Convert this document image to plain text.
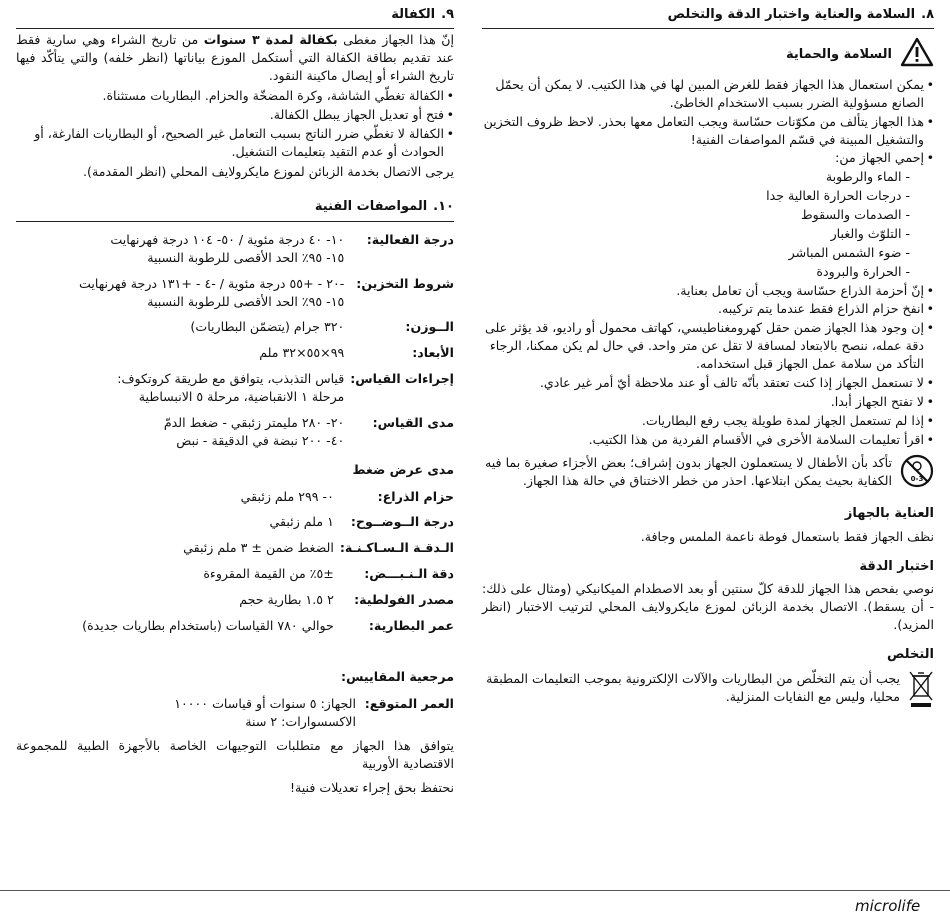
٨.
السلامة والعناية واختبار الدقة والتخلص
السلامة والحماية
• يمكن استعمال هذا الجهاز فقط للغرض المبين لها في هذا الكتيب. لا يمكن أن يحمّل الصانع مسؤولية الضرر بسبب الاستخدام الخاطئ.
• هذا الجهاز يتألف من مكوّنات حسّاسة ويجب التعامل معها بحذر. لاحظ ظروف التخزين والتشغيل المبينة في قسّم المواصفات الفنية!
• إحمي الجهاز من:
- الماء والرطوبة
- درجات الحرارة العالية جدا
- الصدمات والسقوط
- التلوّث والغبار
- ضوء الشمس المباشر
- الحرارة والبرودة
• إنّ أحزمة الذراع حسّاسة ويجب أن تعامل بعناية.
• انفخ حزام الذراع فقط عندما يتم تركيبه.
• إن وجود هذا الجهاز ضمن حقل كهرومغناطيسي، كهاتف محمول أو راديو، قد يؤثر على دقة عمله، ننصح بالابتعاد لمسافة لا تقل عن متر واحد. في حال لم يكن ممكنا، الرجاء التأكد من سلامة عمل الجهاز قبل استخدامه.
• لا تستعمل الجهاز إذا كنت تعتقد بأنّه تالف أو عند ملاحظة أيّ أمر غير عادي.
• لا تفتح الجهاز أبدا.
• إذا لم تستعمل الجهاز لمدة طويلة يجب رفع البطاريات.
• اقرأ تعليمات السلامة الأخرى في الأقسام الفردية من هذا الكتيب.
0-3
تأكد بأن الأطفال لا يستعملون الجهاز بدون إشراف؛ بعض الأجزاء صغيرة بما فيه الكفاية بحيث يمكن ابتلاعها. احذر من خطر الاختناق في حالة هذا الجهاز.
العناية بالجهاز

نظف الجهاز فقط باستعمال فوطة ناعمة الملمس وجافة.

اختبار الدقة

نوصي بفحص هذا الجهاز للدقة كلّ سنتين أو بعد الاصطدام الميكانيكي (ومثال على ذلك: - أن يسقط). الاتصال بخدمة الزبائن لموزع مايكرولايف المحلي لترتيب الاختبار (انظر المزيد).

التخلص
يجب أن يتم التخلّص من البطاريات والآلات الإلكترونية بموجب التعليمات المطبقة محليا، وليس مع النفايات المنزلية.
٩.
الكفالة

إنّ هذا الجهاز مغطى بكفالة لمدة ٣ سنوات من تاريخ الشراء وهي سارية فقط عند تقديم بطاقة الكفالة التي أستكمل الموزع بياناتها (انظر خلفه) والتي يتأكّد فيها تاريخ الشراء أو إيصال ماكينة النقود.

• الكفالة تغطّي الشاشة، وكرة المضخّة والحزام. البطاريات مستثناة.
• فتح أو تعديل الجهاز يبطل الكفالة.
• الكفالة لا تغطّي ضرر الناتج بسبب التعامل غير الصحيح، أو البطاريات الفارغة، أو الحوادث أو عدم التقيد بتعليمات التشغيل.

يرجى الاتصال بخدمة الزبائن لموزع مايكرولايف المحلي (انظر المقدمة).

١٠.
المواصفات الفنية
درجة الفعالية:	١٠- ٤٠ درجة مئوية / ٥٠- ١٠٤ درجة فهرنهايت
١٥- ٩٥٪ الحد الأقصى للرطوبة النسبية

شروط التخزين:	-٢٠ - +٥٥ درجة مئوية / -٤ - +١٣١ درجة فهرنهايت
١٥- ٩٥٪ الحد الأقصى للرطوبة النسبية

الــوزن:	٣٢٠ جرام (يتضمّن البطاريات)

الأبعاد:	٩٩×٥٥×٣٢ ملم

إجراءات القياس:	قياس التذبذب، يتوافق مع طريقة كروتكوف:
مرحلة ١ الانقباضية، مرحلة ٥ الانبساطية

مدى القياس:	٢٠- ٢٨٠ مليمتر زئبقي - ضغط الدمّ
٤٠- ٢٠٠ نبضة في الدقيقة - نبض
مدى عرض ضغط
حزام الذراع:	٠- ٢٩٩ ملم زئبقي
درجة الــوضــوح:	١ ملم زئبقي
الـدقـة الـسـاكـنـة:	الضغط ضمن ± ٣ ملم زئبقي
دقة الـنـبـــض:	±٥٪ من القيمة المقروءة
مصدر الفولطية:	٢ ١.٥ بطارية حجم
عمر البطارية:	حوالي ٧٨٠ القياسات (باستخدام بطاريات جديدة)
مرجعية المقاييس:
العمر المتوقع:	
الجهاز: ٥ سنوات أو قياسات ١٠٠٠٠
الاكسسوارات: ٢ سنة

يتوافق هذا الجهاز مع متطلبات التوجيهات الخاصة بالأجهزة الطبية للمجموعة الاقتصادية الأوربية

نحتفظ بحق إجراء تعديلات فنية!

microlife
